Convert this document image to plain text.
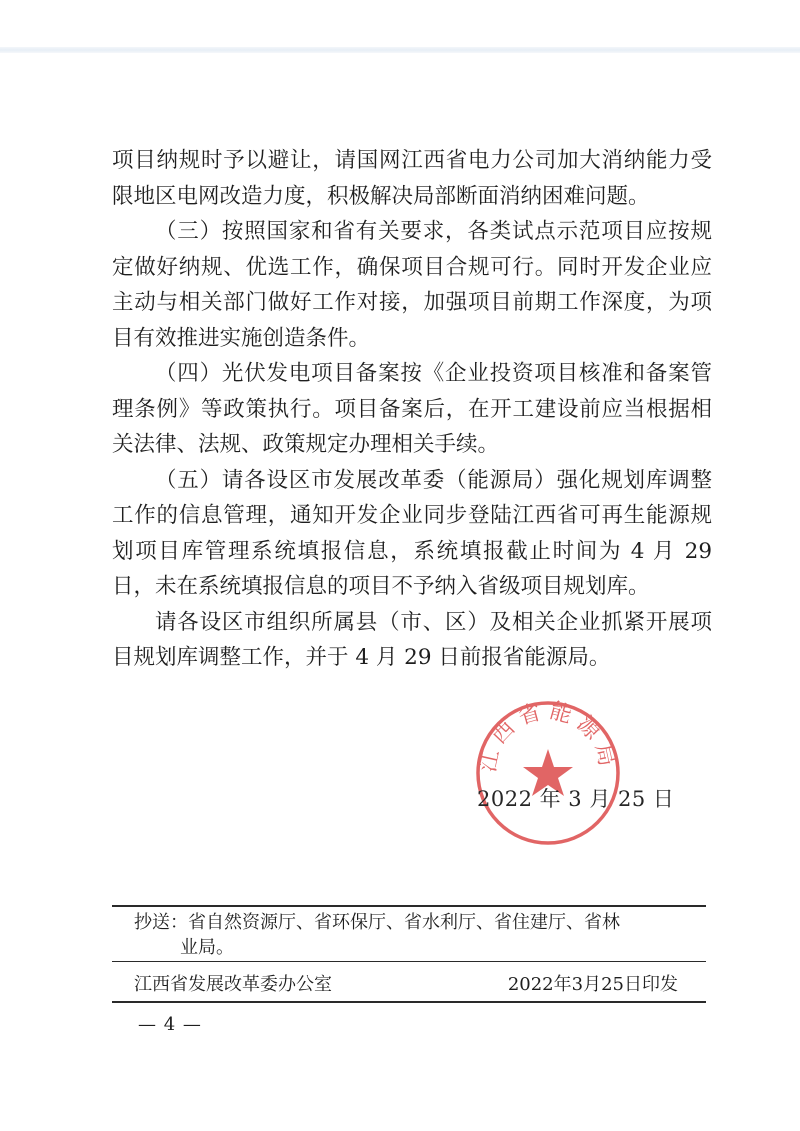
项目纳规时予以避让，请国网江西省电力公司加大消纳能力受限地区电网改造力度，积极解决局部断面消纳困难问题。

（三）按照国家和省有关要求，各类试点示范项目应按规定做好纳规、优选工作，确保项目合规可行。同时开发企业应主动与相关部门做好工作对接，加强项目前期工作深度，为项目有效推进实施创造条件。

（四）光伏发电项目备案按《企业投资项目核准和备案管理条例》等政策执行。项目备案后，在开工建设前应当根据相关法律、法规、政策规定办理相关手续。

（五）请各设区市发展改革委（能源局）强化规划库调整工作的信息管理，通知开发企业同步登陆江西省可再生能源规划项目库管理系统填报信息，系统填报截止时间为 4 月 29 日，未在系统填报信息的项目不予纳入省级项目规划库。

请各设区市组织所属县（市、区）及相关企业抓紧开展项目规划库调整工作，并于 4 月 29 日前报省能源局。

江西省能源局
2022 年 3 月 25 日
抄送：省自然资源厅、省环保厅、省水利厅、省住建厅、省林
业局。
江西省发展改革委办公室	2022年3月25日印发
— 4 —
